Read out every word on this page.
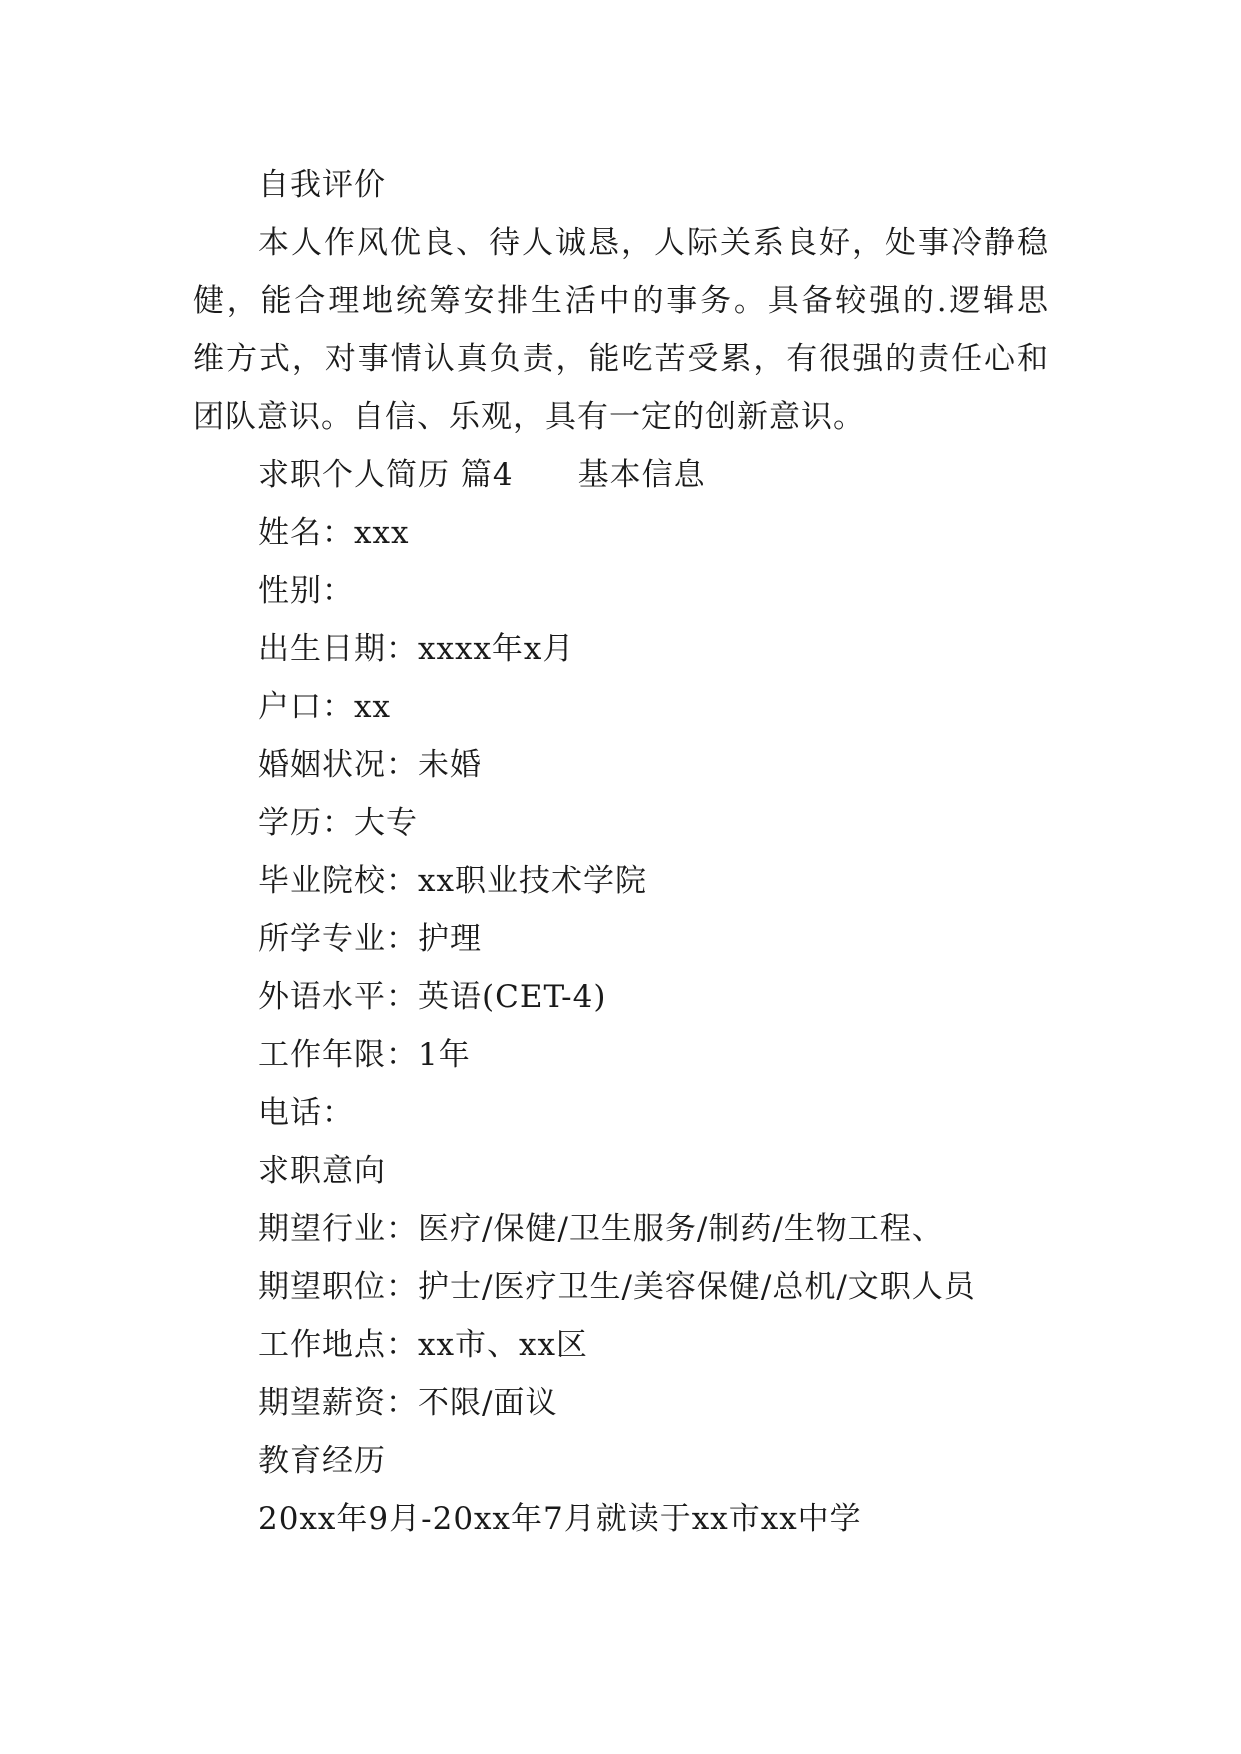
自我评价
本人作风优良、待人诚恳，人际关系良好，处事冷静稳
健，能合理地统筹安排生活中的事务。具备较强的.逻辑思
维方式，对事情认真负责，能吃苦受累，有很强的责任心和
团队意识。自信、乐观，具有一定的创新意识。
求职个人简历 篇4　　基本信息
姓名：xxx
性别：
出生日期：xxxx年x月
户口：xx
婚姻状况：未婚
学历：大专
毕业院校：xx职业技术学院
所学专业：护理
外语水平：英语(CET-4)
工作年限：1年
电话：
求职意向
期望行业：医疗/保健/卫生服务/制药/生物工程、
期望职位：护士/医疗卫生/美容保健/总机/文职人员
工作地点：xx市、xx区
期望薪资：不限/面议
教育经历
20xx年9月-20xx年7月就读于xx市xx中学
